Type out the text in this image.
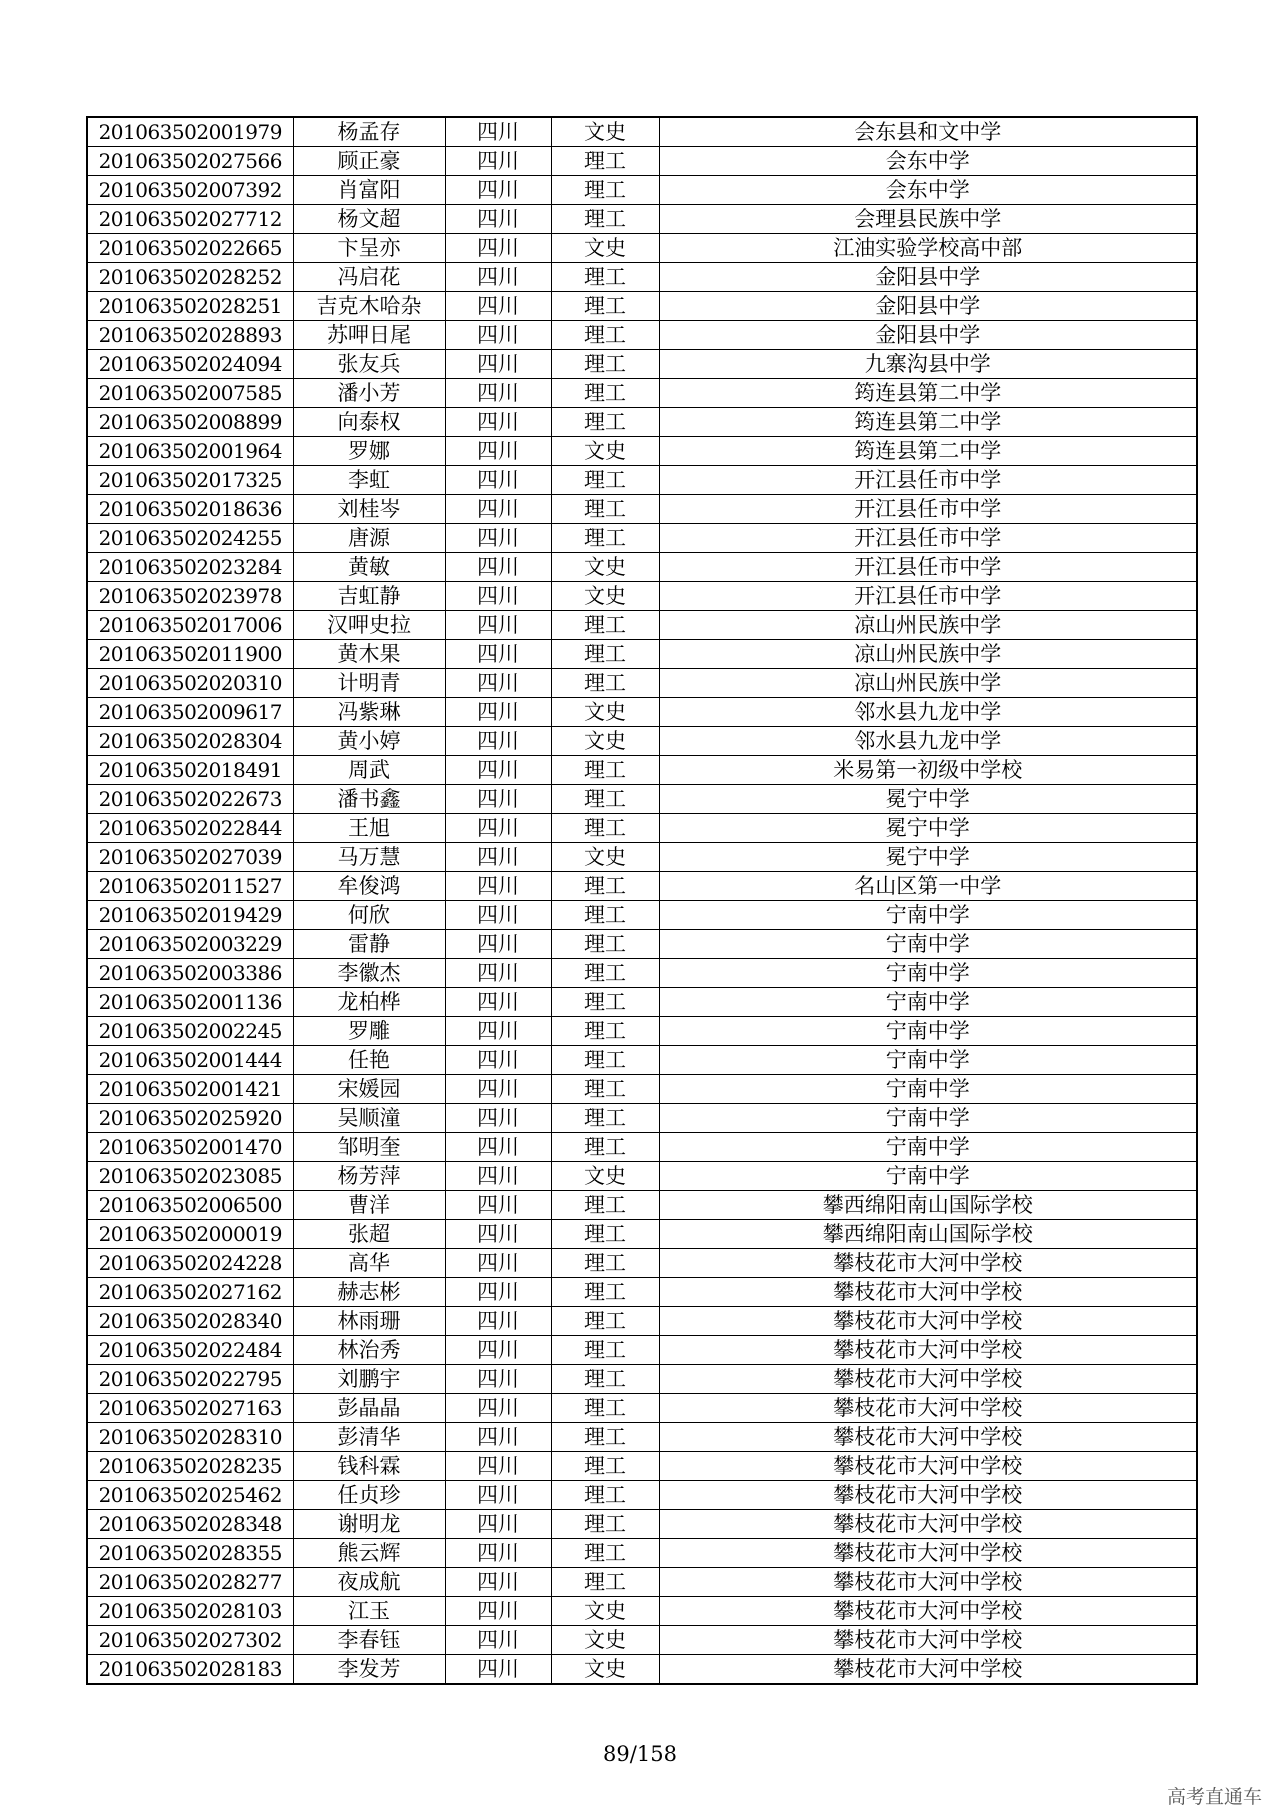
201063502001979	杨孟存	四川	文史	会东县和文中学
201063502027566	顾正豪	四川	理工	会东中学
201063502007392	肖富阳	四川	理工	会东中学
201063502027712	杨文超	四川	理工	会理县民族中学
201063502022665	卞呈亦	四川	文史	江油实验学校高中部
201063502028252	冯启花	四川	理工	金阳县中学
201063502028251	吉克木哈杂	四川	理工	金阳县中学
201063502028893	苏呷日尾	四川	理工	金阳县中学
201063502024094	张友兵	四川	理工	九寨沟县中学
201063502007585	潘小芳	四川	理工	筠连县第二中学
201063502008899	向泰权	四川	理工	筠连县第二中学
201063502001964	罗娜	四川	文史	筠连县第二中学
201063502017325	李虹	四川	理工	开江县任市中学
201063502018636	刘桂岑	四川	理工	开江县任市中学
201063502024255	唐源	四川	理工	开江县任市中学
201063502023284	黄敏	四川	文史	开江县任市中学
201063502023978	吉虹静	四川	文史	开江县任市中学
201063502017006	汉呷史拉	四川	理工	凉山州民族中学
201063502011900	黄木果	四川	理工	凉山州民族中学
201063502020310	计明青	四川	理工	凉山州民族中学
201063502009617	冯紫琳	四川	文史	邻水县九龙中学
201063502028304	黄小婷	四川	文史	邻水县九龙中学
201063502018491	周武	四川	理工	米易第一初级中学校
201063502022673	潘书鑫	四川	理工	冕宁中学
201063502022844	王旭	四川	理工	冕宁中学
201063502027039	马万慧	四川	文史	冕宁中学
201063502011527	牟俊鸿	四川	理工	名山区第一中学
201063502019429	何欣	四川	理工	宁南中学
201063502003229	雷静	四川	理工	宁南中学
201063502003386	李徽杰	四川	理工	宁南中学
201063502001136	龙柏桦	四川	理工	宁南中学
201063502002245	罗雕	四川	理工	宁南中学
201063502001444	任艳	四川	理工	宁南中学
201063502001421	宋媛园	四川	理工	宁南中学
201063502025920	吴顺潼	四川	理工	宁南中学
201063502001470	邹明奎	四川	理工	宁南中学
201063502023085	杨芳萍	四川	文史	宁南中学
201063502006500	曹洋	四川	理工	攀西绵阳南山国际学校
201063502000019	张超	四川	理工	攀西绵阳南山国际学校
201063502024228	高华	四川	理工	攀枝花市大河中学校
201063502027162	赫志彬	四川	理工	攀枝花市大河中学校
201063502028340	林雨珊	四川	理工	攀枝花市大河中学校
201063502022484	林治秀	四川	理工	攀枝花市大河中学校
201063502022795	刘鹏宇	四川	理工	攀枝花市大河中学校
201063502027163	彭晶晶	四川	理工	攀枝花市大河中学校
201063502028310	彭清华	四川	理工	攀枝花市大河中学校
201063502028235	钱科霖	四川	理工	攀枝花市大河中学校
201063502025462	任贞珍	四川	理工	攀枝花市大河中学校
201063502028348	谢明龙	四川	理工	攀枝花市大河中学校
201063502028355	熊云辉	四川	理工	攀枝花市大河中学校
201063502028277	夜成航	四川	理工	攀枝花市大河中学校
201063502028103	江玉	四川	文史	攀枝花市大河中学校
201063502027302	李春钰	四川	文史	攀枝花市大河中学校
201063502028183	李发芳	四川	文史	攀枝花市大河中学校
89/158
高考直通车
